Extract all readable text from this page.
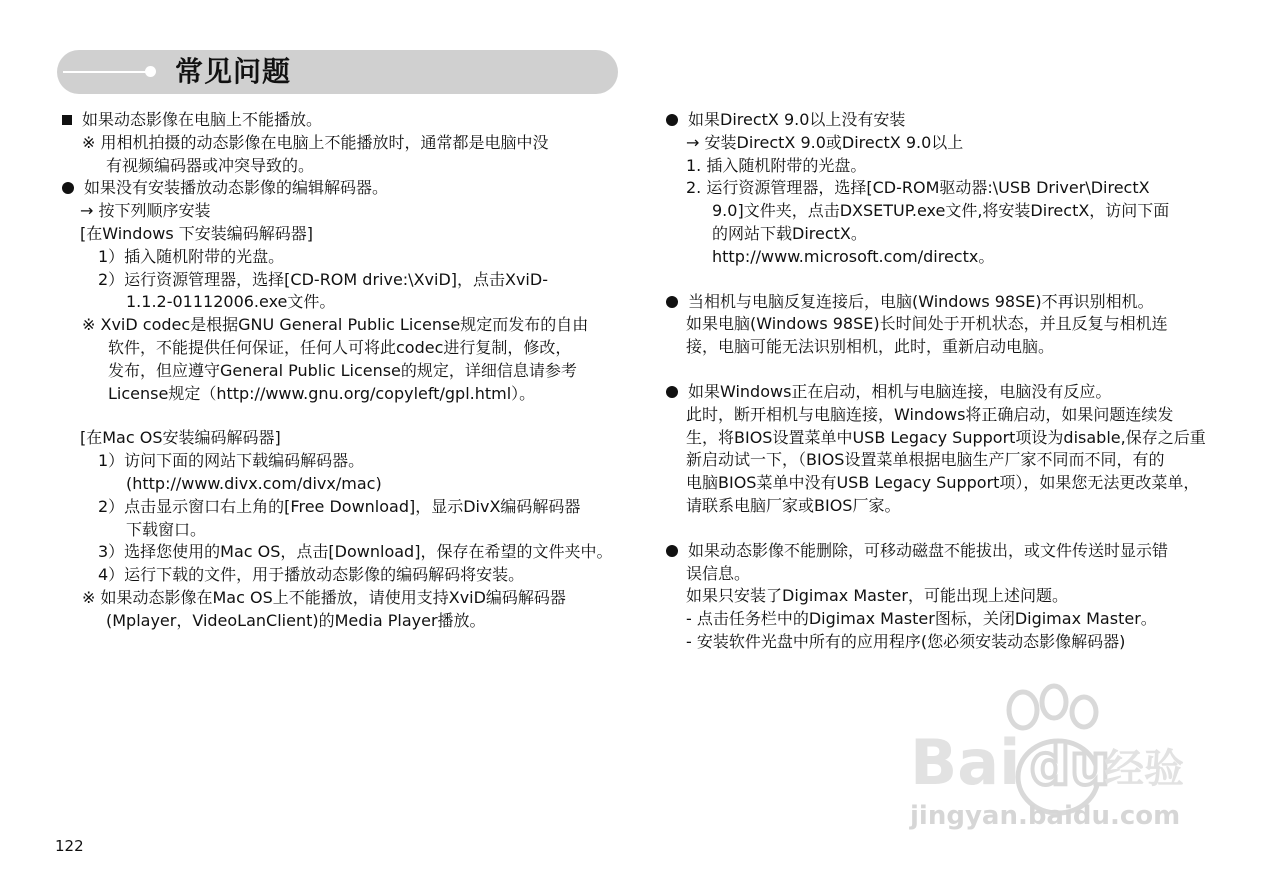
常见问题
如果动态影像在电脑上不能播放。
※ 用相机拍摄的动态影像在电脑上不能播放时，通常都是电脑中没
有视频编码器或冲突导致的。
如果没有安装播放动态影像的编辑解码器。
→ 按下列顺序安装
[在Windows 下安装编码解码器]
1）插入随机附带的光盘。
2）运行资源管理器，选择[CD-ROM drive:\XviD]，点击XviD-
1.1.2-01112006.exe文件。
※ XviD codec是根据GNU General Public License规定而发布的自由
软件，不能提供任何保证，任何人可将此codec进行复制，修改，
发布，但应遵守General Public License的规定，详细信息请参考
License规定（http://www.gnu.org/copyleft/gpl.html）。
[在Mac OS安装编码解码器]
1）访问下面的网站下载编码解码器。
(http://www.divx.com/divx/mac)
2）点击显示窗口右上角的[Free Download]，显示DivX编码解码器
下载窗口。
3）选择您使用的Mac OS，点击[Download]，保存在希望的文件夹中。
4）运行下载的文件，用于播放动态影像的编码解码将安装。
※ 如果动态影像在Mac OS上不能播放，请使用支持XviD编码解码器
(Mplayer，VideoLanClient)的Media Player播放。
如果DirectX 9.0以上没有安装
→ 安装DirectX 9.0或DirectX 9.0以上
1. 插入随机附带的光盘。
2. 运行资源管理器，选择[CD-ROM驱动器:\USB Driver\DirectX
9.0]文件夹，点击DXSETUP.exe文件,将安装DirectX，访问下面
的网站下载DirectX。
http://www.microsoft.com/directx。
当相机与电脑反复连接后，电脑(Windows 98SE)不再识别相机。
如果电脑(Windows 98SE)长时间处于开机状态，并且反复与相机连
接，电脑可能无法识别相机，此时，重新启动电脑。
如果Windows正在启动，相机与电脑连接，电脑没有反应。
此时，断开相机与电脑连接，Windows将正确启动，如果问题连续发
生，将BIOS设置菜单中USB Legacy Support项设为disable,保存之后重
新启动试一下，（BIOS设置菜单根据电脑生产厂家不同而不同，有的
电脑BIOS菜单中没有USB Legacy Support项），如果您无法更改菜单，
请联系电脑厂家或BIOS厂家。
如果动态影像不能删除，可移动磁盘不能拔出，或文件传送时显示错
误信息。
如果只安装了Digimax Master，可能出现上述问题。
- 点击任务栏中的Digimax Master图标，关闭Digimax Master。
- 安装软件光盘中所有的应用程序(您必须安装动态影像解码器)
122
Bai du
经验
jingyan.baidu.com
